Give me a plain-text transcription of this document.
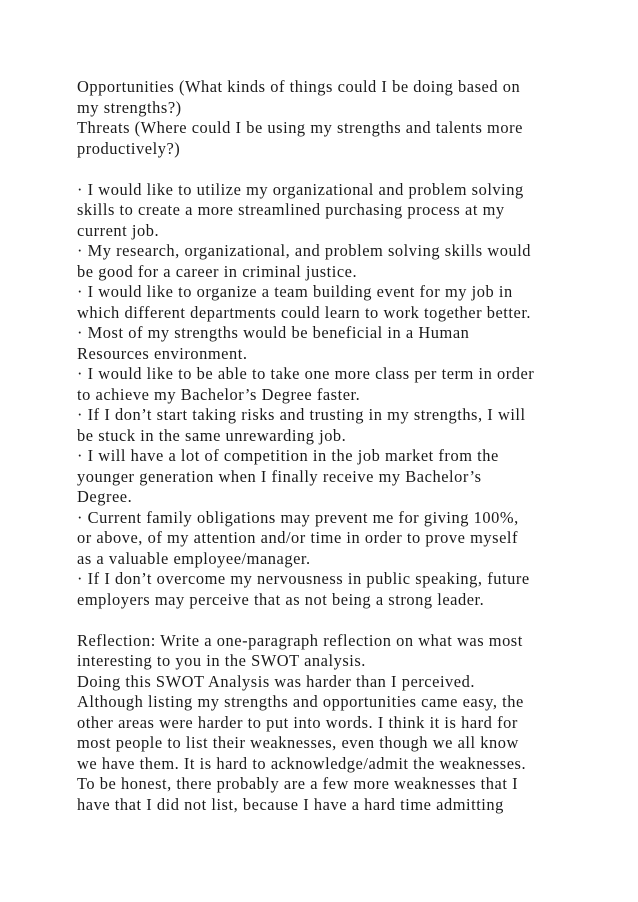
Opportunities (What kinds of things could I be doing based on
my strengths?)
Threats (Where could I be using my strengths and talents more
productively?)
· I would like to utilize my organizational and problem solving
skills to create a more streamlined purchasing process at my
current job.
· My research, organizational, and problem solving skills would
be good for a career in criminal justice.
· I would like to organize a team building event for my job in
which different departments could learn to work together better.
· Most of my strengths would be beneficial in a Human
Resources environment.
· I would like to be able to take one more class per term in order
to achieve my Bachelor’s Degree faster.
· If I don’t start taking risks and trusting in my strengths, I will
be stuck in the same unrewarding job.
· I will have a lot of competition in the job market from the
younger generation when I finally receive my Bachelor’s
Degree.
· Current family obligations may prevent me for giving 100%,
or above, of my attention and/or time in order to prove myself
as a valuable employee/manager.
· If I don’t overcome my nervousness in public speaking, future
employers may perceive that as not being a strong leader.
Reflection: Write a one-paragraph reflection on what was most
interesting to you in the SWOT analysis.
Doing this SWOT Analysis was harder than I perceived.
Although listing my strengths and opportunities came easy, the
other areas were harder to put into words. I think it is hard for
most people to list their weaknesses, even though we all know
we have them. It is hard to acknowledge/admit the weaknesses.
To be honest, there probably are a few more weaknesses that I
have that I did not list, because I have a hard time admitting
